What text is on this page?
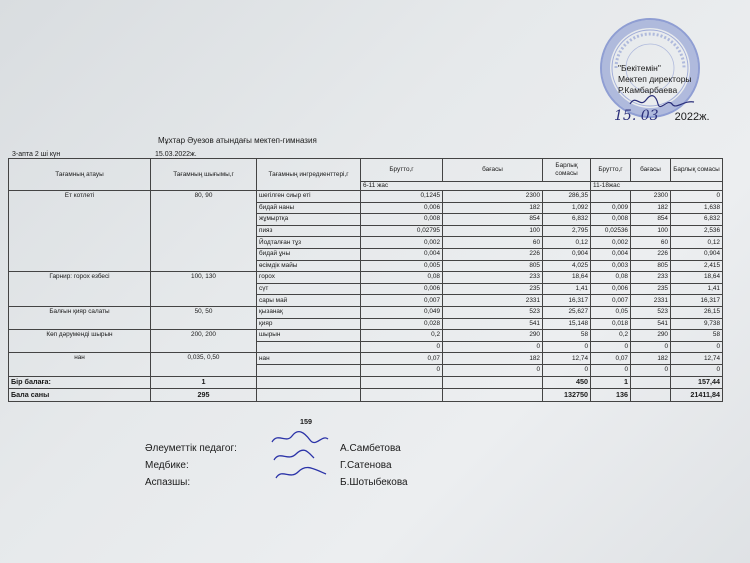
"Бекітемін"
Мектеп директоры
Р.Камбарбаева
15. 03 2022ж.
Мұхтар Әуезов атындағы мектеп-гимназия
3-апта 2 ші күн	15.03.2022ж.
Тағамның атауы	Тағамның шығымы,г	Тағамның ингредиенттері,г	Брутто,г	бағасы	Барлық сомасы	Брутто,г	бағасы	Барлық сомасы
			6-11 жас			11-18жас		
Ет котлеті	80, 90	шегілген сиыр еті	0,1245	2300	286,35		2300	0
		бидай наны	0,006	182	1,092	0,009	182	1,638
		жұмыртқа	0,008	854	6,832	0,008	854	6,832
		пияз	0,02795	100	2,795	0,02536	100	2,536
		Йодталған тұз	0,002	60	0,12	0,002	60	0,12
		бидай ұны	0,004	226	0,904	0,004	226	0,904
		өсімдік майы	0,005	805	4,025	0,003	805	2,415
Гарнир: горох езбесі	100, 130	горох	0,08	233	18,64	0,08	233	18,64
		сүт	0,006	235	1,41	0,006	235	1,41
		сары май	0,007	2331	16,317	0,007	2331	16,317
Балғын қияр салаты	50, 50	қызанақ	0,049	523	25,627	0,05	523	26,15
		қияр	0,028	541	15,148	0,018	541	9,738
Көп дәруменді шырын	200, 200	шырын	0,2	290	58	0,2	290	58
			0	0	0	0	0	0
нан	0,035, 0,50	нан	0,07	182	12,74	0,07	182	12,74
			0	0	0	0	0	0
Бір балаға:	1				450	1		157,44
Бала саны	295				132750	136		21411,84
159
Әлеуметтік педагог:
Медбике:
Аспазшы:
А.Самбетова
Г.Сатенова
Б.Шотыбекова
